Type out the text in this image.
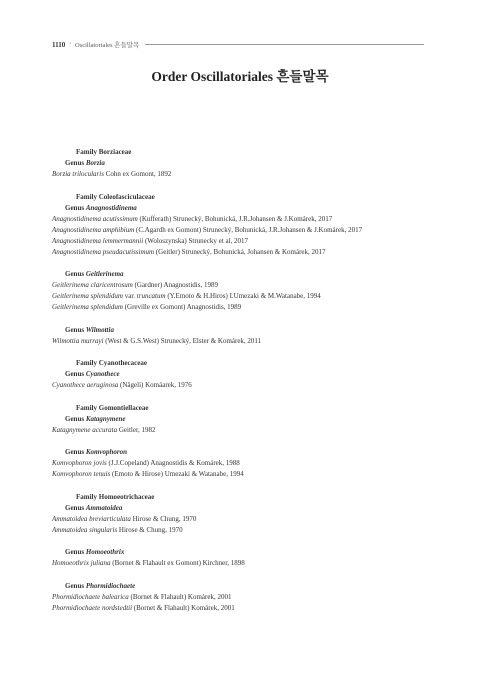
1110 • Oscillatoriales 흔들말목
Order Oscillatoriales 흔들말목
Family Borziaceae
Genus Borzia
Borzia trilocularis Cohn ex Gomont, 1892
Family Coleofasciculaceae
Genus Anagnostidinema
Anagnostidinema acutissimum (Kufferath) Strunecký, Bohunická, J.R.Johansen & J.Komárek, 2017
Anagnostidinema amphibium (C.Agardh ex Gomont) Strunecký, Bohunická, J.R.Johansen & J.Komárek, 2017
Anagnostidinema lemmermannii (Woloszynska) Strunecky et al, 2017
Anagnostidinema pseudacutissimum (Geitler) Strunecký, Bohunická, Johansen & Komárek, 2017
Genus Geitlerinema
Geitlerinema claricentrosum (Gardner) Anagnostidis, 1989
Geitlerinema splendidum var. truncatum (Y.Emoto & H.Hiros) I.Umezaki & M.Watanabe, 1994
Geitlerinema splendidum (Greville ex Gomont) Anagnostidis, 1989
Genus Wilmottia
Wilmottia murrayi (West & G.S.West) Strunecký, Elster & Komárek, 2011
Family Cyanothecaceae
Genus Cyanothece
Cyanothece aeruginosa (Nägeli) Komáarek, 1976
Family Gomontiellaceae
Genus Katagnymene
Katagnymene accurata Geitler, 1982
Genus Komvophoron
Komvophoron jovis (J.J.Copeland) Anagnostidis & Komárek, 1988
Komvophoron tenuis (Emoto & Hirose) Umezaki & Watanabe, 1994
Family Homoeotrichaceae
Genus Ammatoidea
Ammatoidea breviarticulata Hirose & Chung, 1970
Ammatoidea singularis Hirose & Chung, 1970
Genus Homoeothrix
Homoeothrix juliana (Bornet & Flahault ex Gomont) Kirchner, 1898
Genus Phormidiochaete
Phormidiochaete balearica (Bornet & Flahault) Komárek, 2001
Phormidiochaete nordstedtii (Bornet & Flahault) Komárek, 2001
